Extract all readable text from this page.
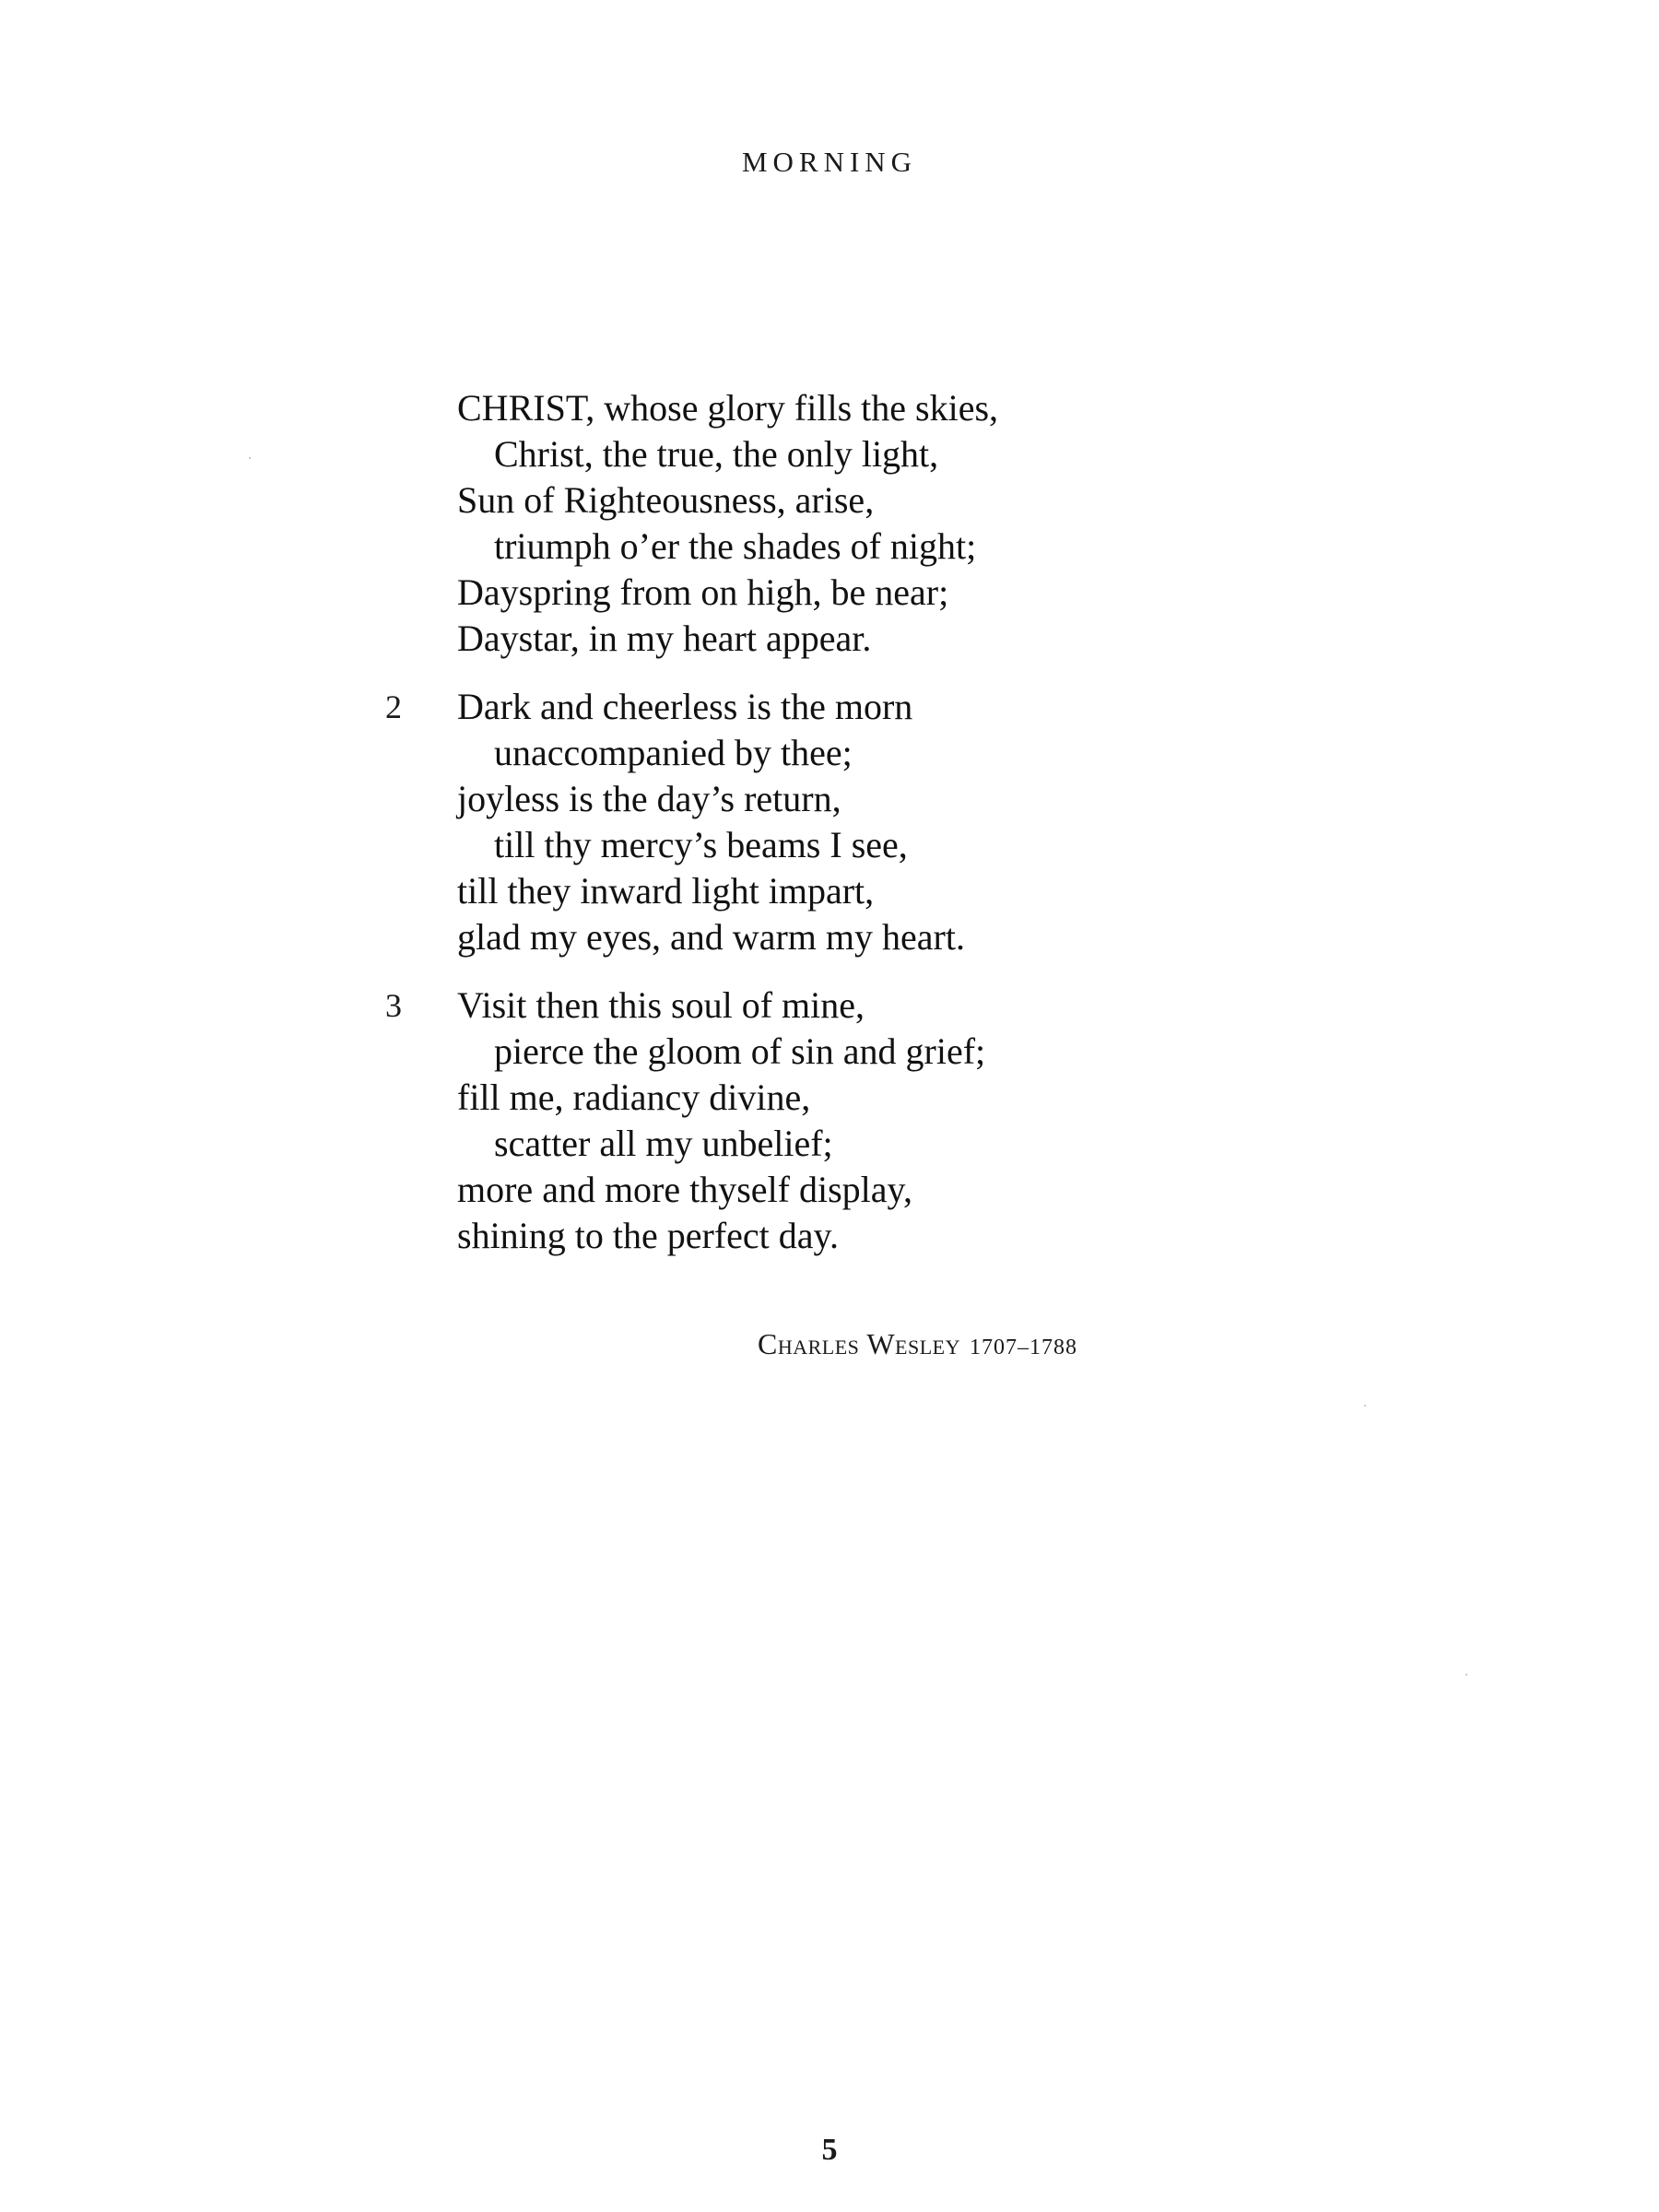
MORNING
CHRIST, whose glory fills the skies,
Christ, the true, the only light,
Sun of Righteousness, arise,
triumph o’er the shades of night;
Dayspring from on high, be near;
Daystar, in my heart appear.
2 Dark and cheerless is the morn
unaccompanied by thee;
joyless is the day’s return,
till thy mercy’s beams I see,
till they inward light impart,
glad my eyes, and warm my heart.
3 Visit then this soul of mine,
pierce the gloom of sin and grief;
fill me, radiancy divine,
scatter all my unbelief;
more and more thyself display,
shining to the perfect day.
Charles Wesley 1707–1788
5
